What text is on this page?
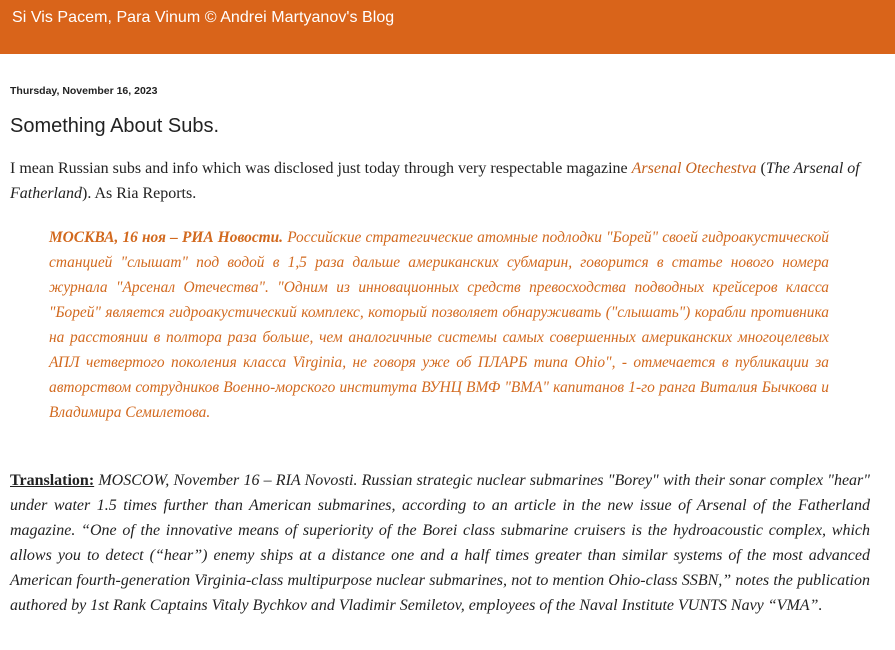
Si Vis Pacem, Para Vinum © Andrei Martyanov's Blog
Thursday, November 16, 2023
Something About Subs.
I mean Russian subs and info which was disclosed just today through very respectable magazine Arsenal Otechestva (The Arsenal of Fatherland). As Ria Reports.
МОСКВА, 16 ноя – РИА Новости. Российские стратегические атомные подлодки "Борей" своей гидроакустической станцией "слышат" под водой в 1,5 раза дальше американских субмарин, говорится в статье нового номера журнала "Арсенал Отечества". "Одним из инновационных средств превосходства подводных крейсеров класса "Борей" является гидроакустический комплекс, который позволяет обнаруживать ("слышать") корабли противника на расстоянии в полтора раза больше, чем аналогичные системы самых совершенных американских многоцелевых АПЛ четвертого поколения класса Virginia, не говоря уже об ПЛАРБ типа Ohio", - отмечается в публикации за авторством сотрудников Военно-морского института ВУНЦ ВМФ "ВМА" капитанов 1-го ранга Виталия Бычкова и Владимира Семилетова.
Translation: MOSCOW, November 16 – RIA Novosti. Russian strategic nuclear submarines "Borey" with their sonar complex "hear" under water 1.5 times further than American submarines, according to an article in the new issue of Arsenal of the Fatherland magazine. “One of the innovative means of superiority of the Borei class submarine cruisers is the hydroacoustic complex, which allows you to detect (“hear”) enemy ships at a distance one and a half times greater than similar systems of the most advanced American fourth-generation Virginia-class multipurpose nuclear submarines, not to mention Ohio-class SSBN,” notes the publication authored by 1st Rank Captains Vitaly Bychkov and Vladimir Semiletov, employees of the Naval Institute VUNTS Navy “VMA”.
